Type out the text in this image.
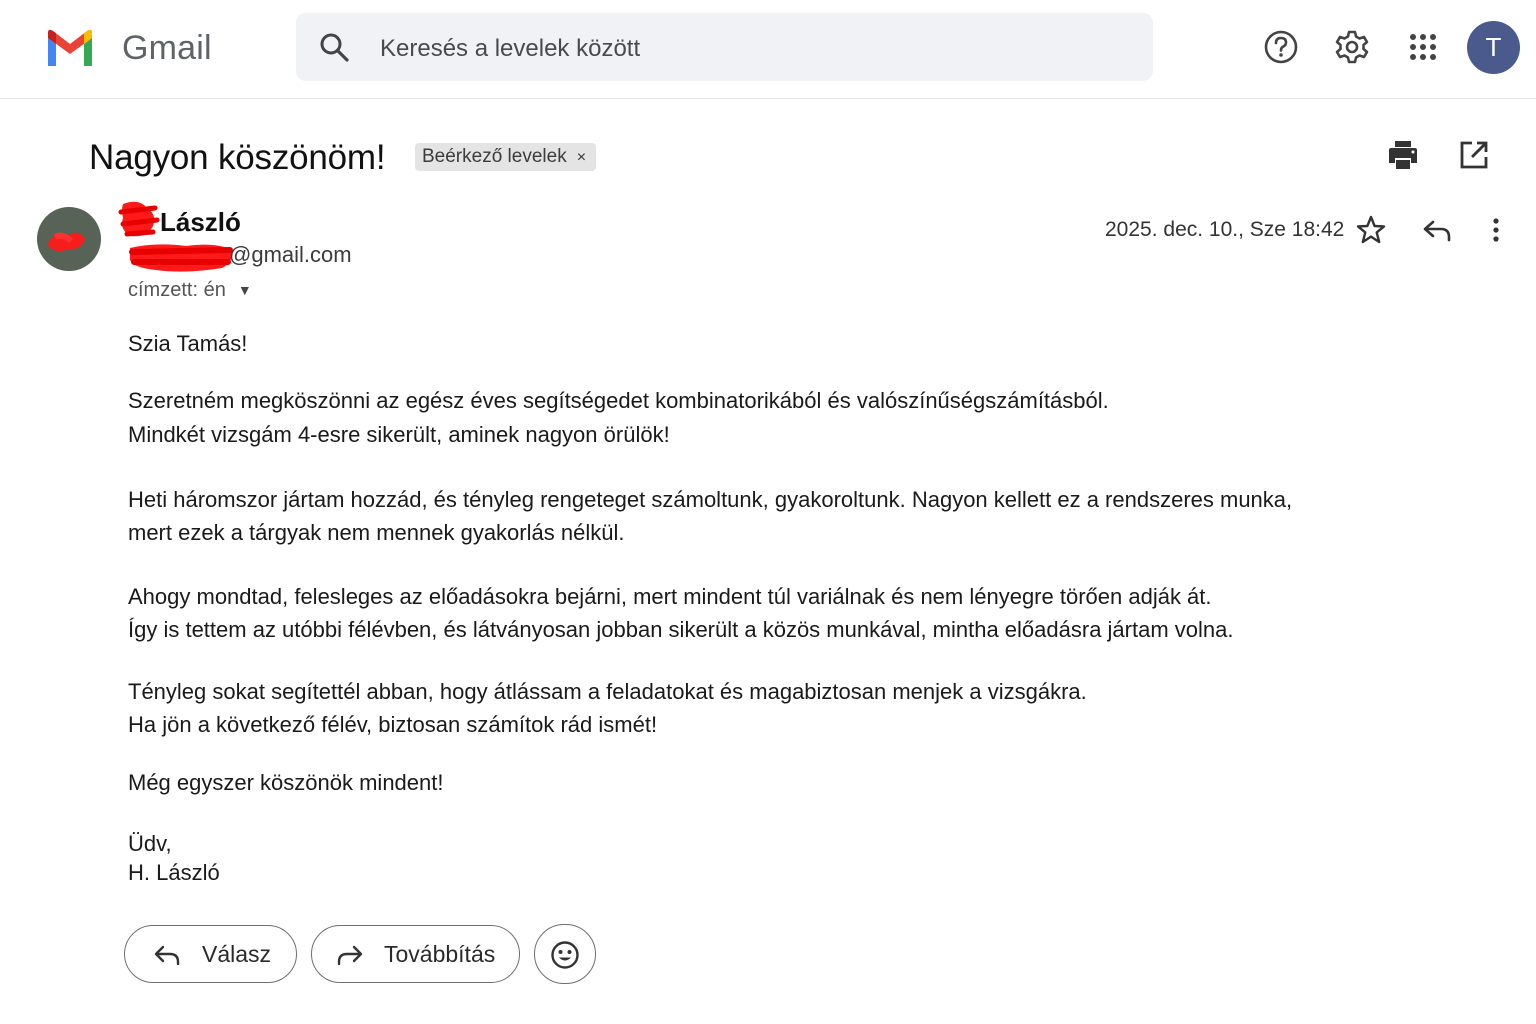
Gmail
Keresés a levelek között	T
Nagyon köszönöm!	Beérkező levelek ×
László
@gmail.com
címzett: én ▼
2025. dec. 10., Sze 18:42
Szia Tamás!
Szeretném megköszönni az egész éves segítségedet kombinatorikából és valószínűségszámításból.
Mindkét vizsgám 4-esre sikerült, aminek nagyon örülök!
Heti háromszor jártam hozzád, és tényleg rengeteget számoltunk, gyakoroltunk. Nagyon kellett ez a rendszeres munka,
mert ezek a tárgyak nem mennek gyakorlás nélkül.
Ahogy mondtad, felesleges az előadásokra bejárni, mert mindent túl variálnak és nem lényegre törően adják át.
Így is tettem az utóbbi félévben, és látványosan jobban sikerült a közös munkával, mintha előadásra jártam volna.
Tényleg sokat segítettél abban, hogy átlássam a feladatokat és magabiztosan menjek a vizsgákra.
Ha jön a következő félév, biztosan számítok rád ismét!
Még egyszer köszönök mindent!
Üdv,
H. László
Válasz	Továbbítás
